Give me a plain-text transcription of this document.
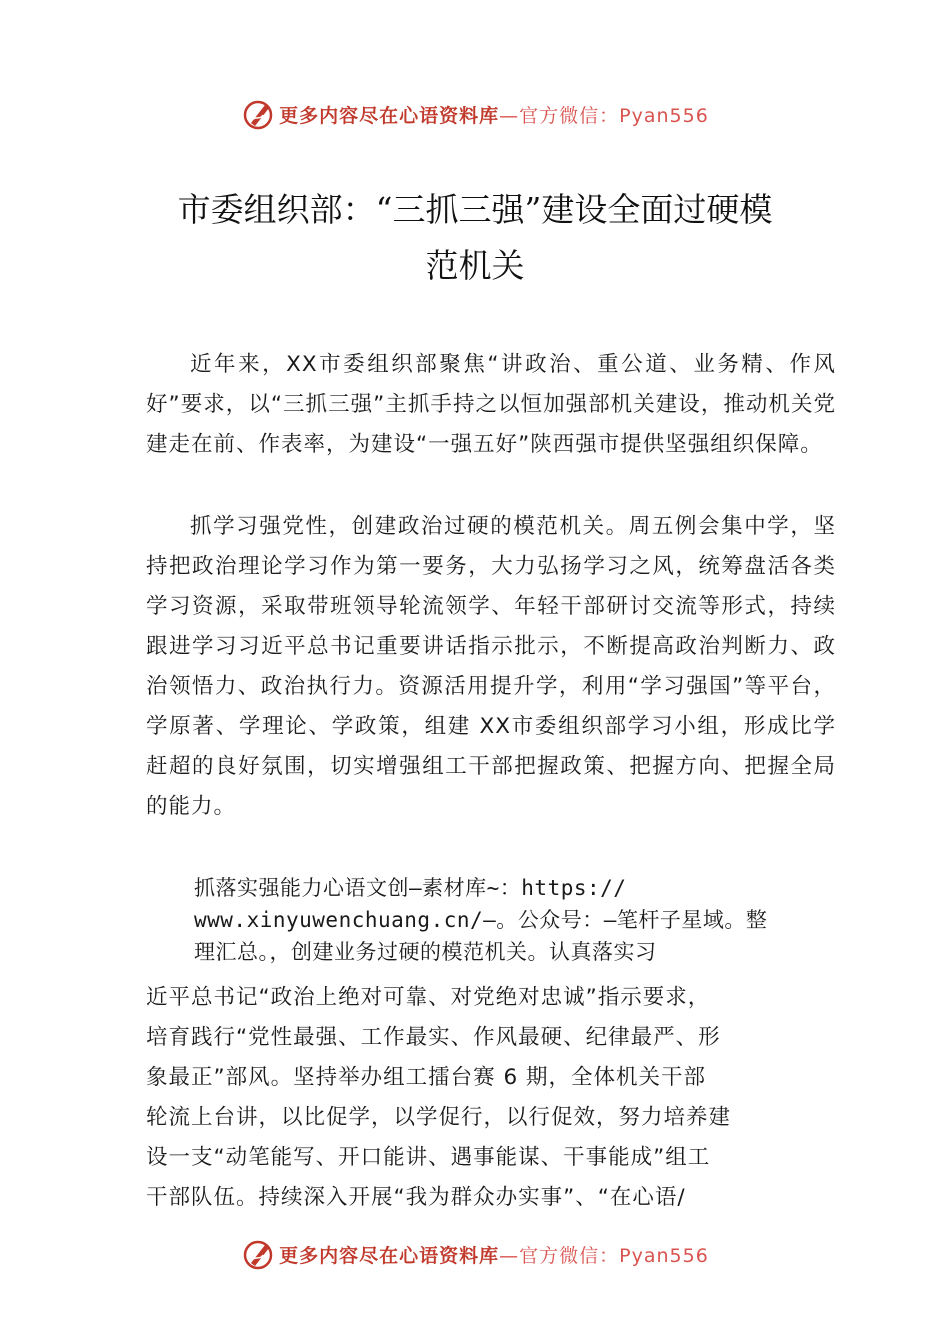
更多内容尽在心语资料库 —官方微信：Pyan556
市委组织部：“三抓三强”建设全面过硬模
范机关

近年来，XX市委组织部聚焦“讲政治、重公道、业务精、作风好”要求，以“三抓三强”主抓手持之以恒加强部机关建设，推动机关党建走在前、作表率，为建设“一强五好”陕西强市提供坚强组织保障。

抓学习强党性，创建政治过硬的模范机关。周五例会集中学，坚持把政治理论学习作为第一要务，大力弘扬学习之风，统筹盘活各类学习资源，采取带班领导轮流领学、年轻干部研讨交流等形式，持续跟进学习习近平总书记重要讲话指示批示，不断提高政治判断力、政治领悟力、政治执行力。资源活用提升学，利用“学习强国”等平台，学原著、学理论、学政策，组建 XX市委组织部学习小组，形成比学赶超的良好氛围，切实增强组工干部把握政策、把握方向、把握全局的能力。

抓落实强能力心语文创—素材库~：https://
www.xinyuwenchuang.cn/—。公众号：—笔杆子星域。整
理汇总。，创建业务过硬的模范机关。认真落实习
近平总书记“政治上绝对可靠、对党绝对忠诚”指示要求，
培育践行“党性最强、工作最实、作风最硬、纪律最严、形
象最正”部风。坚持举办组工擂台赛 6 期，全体机关干部
轮流上台讲，以比促学，以学促行，以行促效，努力培养建
设一支“动笔能写、开口能讲、遇事能谋、干事能成”组工
干部队伍。持续深入开展“我为群众办实事”、“在心语/
更多内容尽在心语资料库 —官方微信：Pyan556
